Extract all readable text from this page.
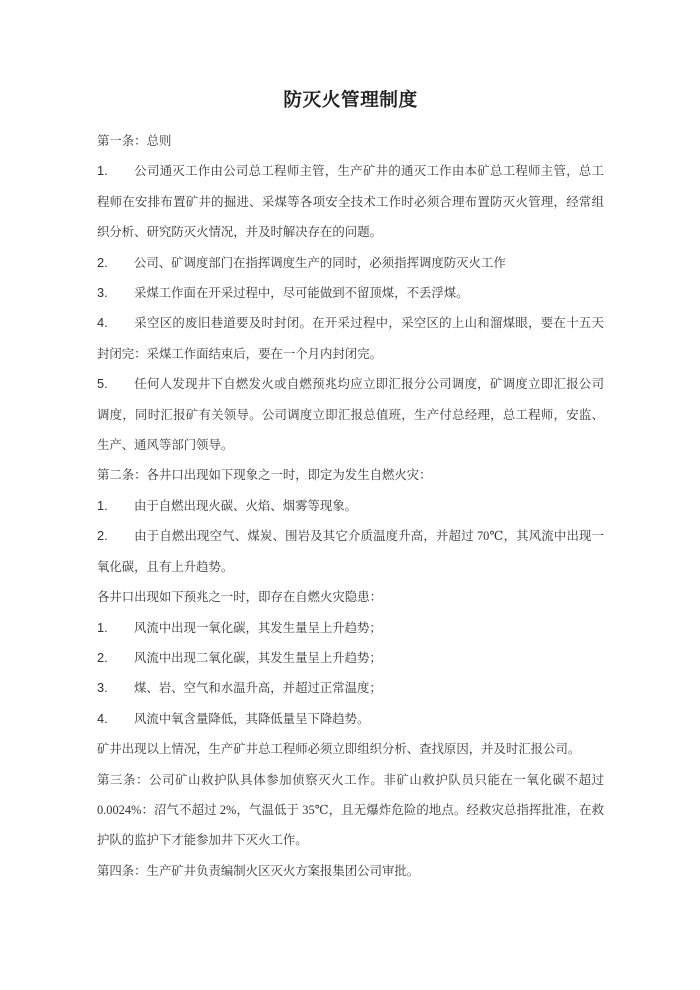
防灭火管理制度

第一条：总则

1. 公司通灭工作由公司总工程师主管，生产矿井的通灭工作由本矿总工程师主管，总工程师在安排布置矿井的掘进、采煤等各项安全技术工作时必须合理布置防灭火管理，经常组织分析、研究防灭火情况，并及时解决存在的问题。

2. 公司、矿调度部门在指挥调度生产的同时，必须指挥调度防灭火工作

3. 采煤工作面在开采过程中，尽可能做到不留顶煤，不丢浮煤。

4. 采空区的废旧巷道要及时封闭。在开采过程中，采空区的上山和溜煤眼，要在十五天封闭完：采煤工作面结束后，要在一个月内封闭完。

5. 任何人发现井下自燃发火或自燃预兆均应立即汇报分公司调度，矿调度立即汇报公司调度，同时汇报矿有关领导。公司调度立即汇报总值班，生产付总经理，总工程师，安监、生产、通风等部门领导。

第二条：各井口出现如下现象之一时，即定为发生自燃火灾：

1. 由于自燃出现火碳、火焰、烟雾等现象。

2. 由于自燃出现空气、煤炭、围岩及其它介质温度升高，并超过 70℃，其风流中出现一氧化碳，且有上升趋势。

各井口出现如下预兆之一时，即存在自燃火灾隐患：

1. 风流中出现一氧化碳，其发生量呈上升趋势；

2. 风流中出现二氧化碳，其发生量呈上升趋势；

3. 煤、岩、空气和水温升高，并超过正常温度；

4. 风流中氧含量降低，其降低量呈下降趋势。

矿井出现以上情况，生产矿井总工程师必须立即组织分析、查找原因，并及时汇报公司。

第三条：公司矿山救护队具体参加侦察灭火工作。非矿山救护队员只能在一氧化碳不超过 0.0024%：沼气不超过 2%，气温低于 35℃，且无爆炸危险的地点。经救灾总指挥批准，在救护队的监护下才能参加井下灭火工作。

第四条：生产矿井负责编制火区灭火方案报集团公司审批。
